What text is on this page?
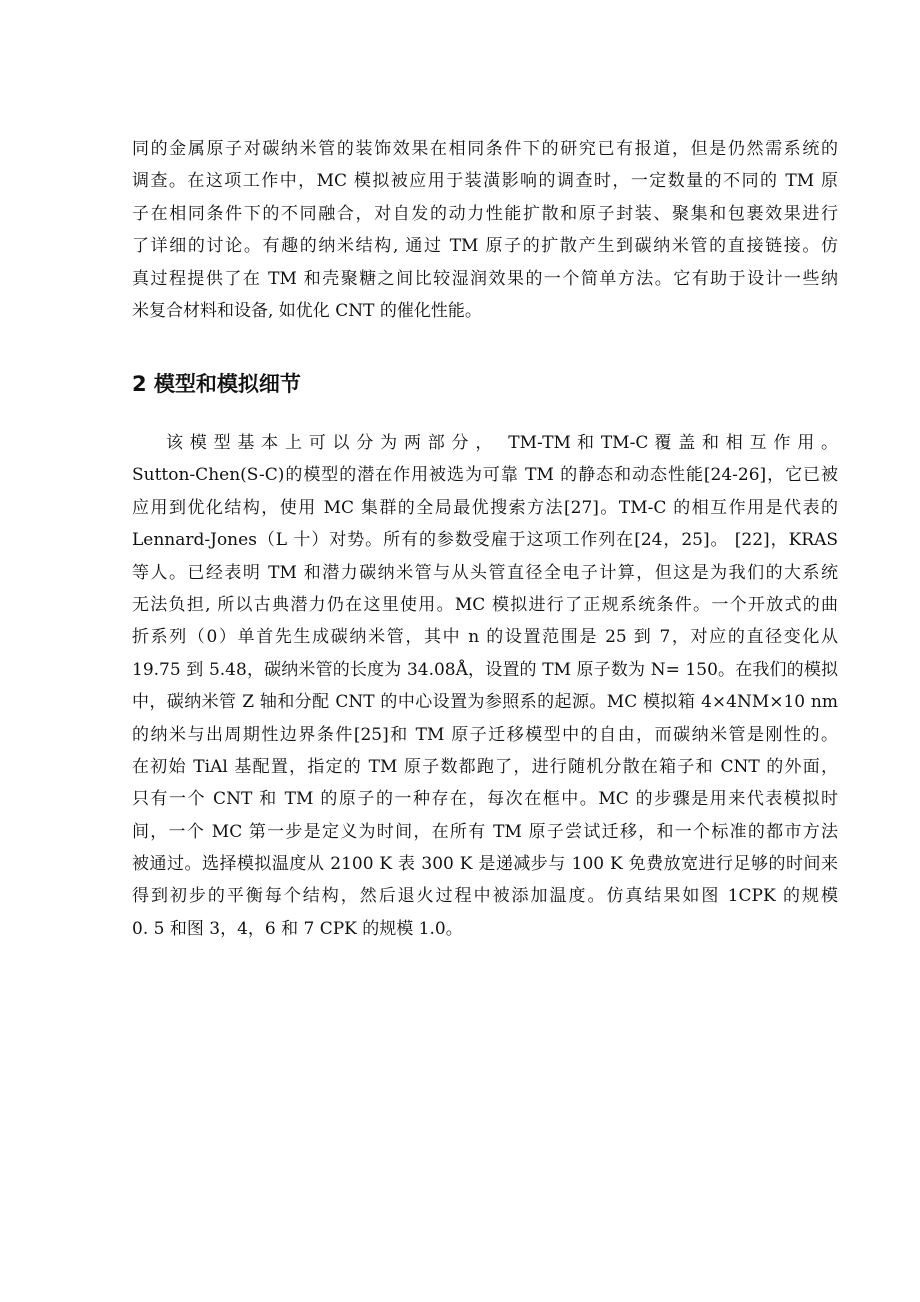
同的金属原子对碳纳米管的装饰效果在相同条件下的研究已有报道，但是仍然需系统的
调查。在这项工作中，MC 模拟被应用于装潢影响的调查时，一定数量的不同的 TM 原
子在相同条件下的不同融合，对自发的动力性能扩散和原子封装、聚集和包裹效果进行
了详细的讨论。有趣的纳米结构, 通过 TM 原子的扩散产生到碳纳米管的直接链接。仿
真过程提供了在 TM 和壳聚糖之间比较湿润效果的一个简单方法。它有助于设计一些纳
米复合材料和设备, 如优化 CNT 的催化性能。
2 模型和模拟细节
该 模 型 基 本 上 可 以 分 为 两 部 分 ，　 TM-TM 和 TM-C 覆 盖 和 相 互 作 用 。
Sutton-Chen(S-C)的模型的潜在作用被选为可靠 TM 的静态和动态性能[24-26]，它已被
应用到优化结构，使用 MC 集群的全局最优搜索方法[27]。TM-C 的相互作用是代表的
Lennard-Jones（L 十）对势。所有的参数受雇于这项工作列在[24，25]。 [22]，KRAS
等人。已经表明 TM 和潜力碳纳米管与从头管直径全电子计算，但这是为我们的大系统
无法负担, 所以古典潜力仍在这里使用。MC 模拟进行了正规系统条件。一个开放式的曲
折系列（0）单首先生成碳纳米管，其中 n 的设置范围是 25 到 7，对应的直径变化从
19.75 到 5.48，碳纳米管的长度为 34.08Å，设置的 TM 原子数为 N= 150。在我们的模拟
中，碳纳米管 Z 轴和分配 CNT 的中心设置为参照系的起源。MC 模拟箱 4×4NM×10 nm
的纳米与出周期性边界条件[25]和 TM 原子迁移模型中的自由，而碳纳米管是刚性的。
在初始 TiAl 基配置，指定的 TM 原子数都跑了，进行随机分散在箱子和 CNT 的外面，
只有一个 CNT 和 TM 的原子的一种存在，每次在框中。MC 的步骤是用来代表模拟时
间，一个 MC 第一步是定义为时间，在所有 TM 原子尝试迁移，和一个标准的都市方法
被通过。选择模拟温度从 2100 K 表 300 K 是递减步与 100 K 免费放宽进行足够的时间来
得到初步的平衡每个结构，然后退火过程中被添加温度。仿真结果如图 1CPK 的规模
0. 5 和图 3，4，6 和 7 CPK 的规模 1.0。
